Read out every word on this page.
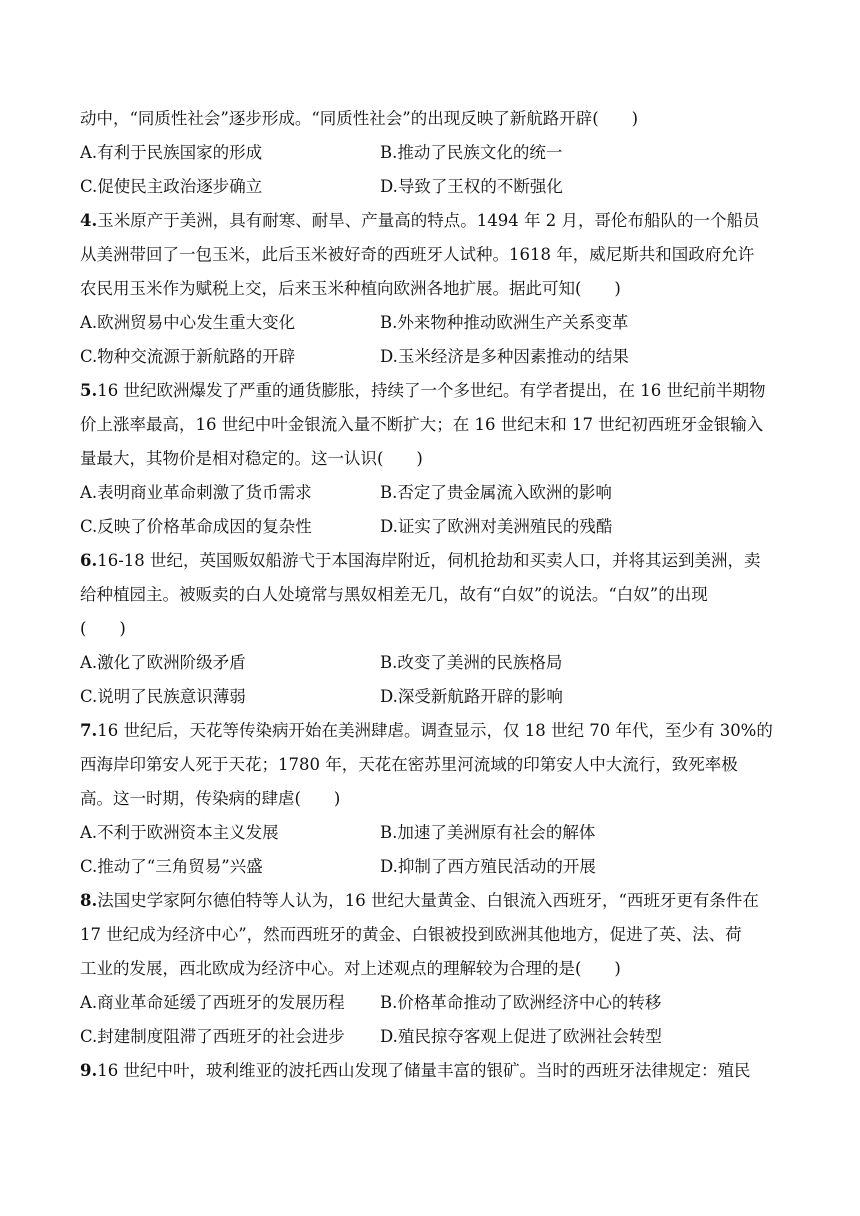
动中，“同质性社会”逐步形成。“同质性社会”的出现反映了新航路开辟(　　)
A.有利于民族国家的形成	B.推动了民族文化的统一
C.促使民主政治逐步确立	D.导致了王权的不断强化
4.玉米原产于美洲，具有耐寒、耐旱、产量高的特点。1494 年 2 月，哥伦布船队的一个船员
从美洲带回了一包玉米，此后玉米被好奇的西班牙人试种。1618 年，威尼斯共和国政府允许
农民用玉米作为赋税上交，后来玉米种植向欧洲各地扩展。据此可知(　　)
A.欧洲贸易中心发生重大变化	B.外来物种推动欧洲生产关系变革
C.物种交流源于新航路的开辟	D.玉米经济是多种因素推动的结果
5.16 世纪欧洲爆发了严重的通货膨胀，持续了一个多世纪。有学者提出，在 16 世纪前半期物
价上涨率最高，16 世纪中叶金银流入量不断扩大；在 16 世纪末和 17 世纪初西班牙金银输入
量最大，其物价是相对稳定的。这一认识(　　)
A.表明商业革命刺激了货币需求	B.否定了贵金属流入欧洲的影响
C.反映了价格革命成因的复杂性	D.证实了欧洲对美洲殖民的残酷
6.16-18 世纪，英国贩奴船游弋于本国海岸附近，伺机抢劫和买卖人口，并将其运到美洲，卖
给种植园主。被贩卖的白人处境常与黑奴相差无几，故有“白奴”的说法。“白奴”的出现
(　　)
A.激化了欧洲阶级矛盾	B.改变了美洲的民族格局
C.说明了民族意识薄弱	D.深受新航路开辟的影响
7.16 世纪后，天花等传染病开始在美洲肆虐。调查显示，仅 18 世纪 70 年代，至少有 30%的
西海岸印第安人死于天花；1780 年，天花在密苏里河流域的印第安人中大流行，致死率极
高。这一时期，传染病的肆虐(　　)
A.不利于欧洲资本主义发展	B.加速了美洲原有社会的解体
C.推动了“三角贸易”兴盛	D.抑制了西方殖民活动的开展
8.法国史学家阿尔德伯特等人认为，16 世纪大量黄金、白银流入西班牙，“西班牙更有条件在
17 世纪成为经济中心”，然而西班牙的黄金、白银被投到欧洲其他地方，促进了英、法、荷
工业的发展，西北欧成为经济中心。对上述观点的理解较为合理的是(　　)
A.商业革命延缓了西班牙的发展历程	B.价格革命推动了欧洲经济中心的转移
C.封建制度阻滞了西班牙的社会进步	D.殖民掠夺客观上促进了欧洲社会转型
9.16 世纪中叶，玻利维亚的波托西山发现了储量丰富的银矿。当时的西班牙法律规定：殖民
